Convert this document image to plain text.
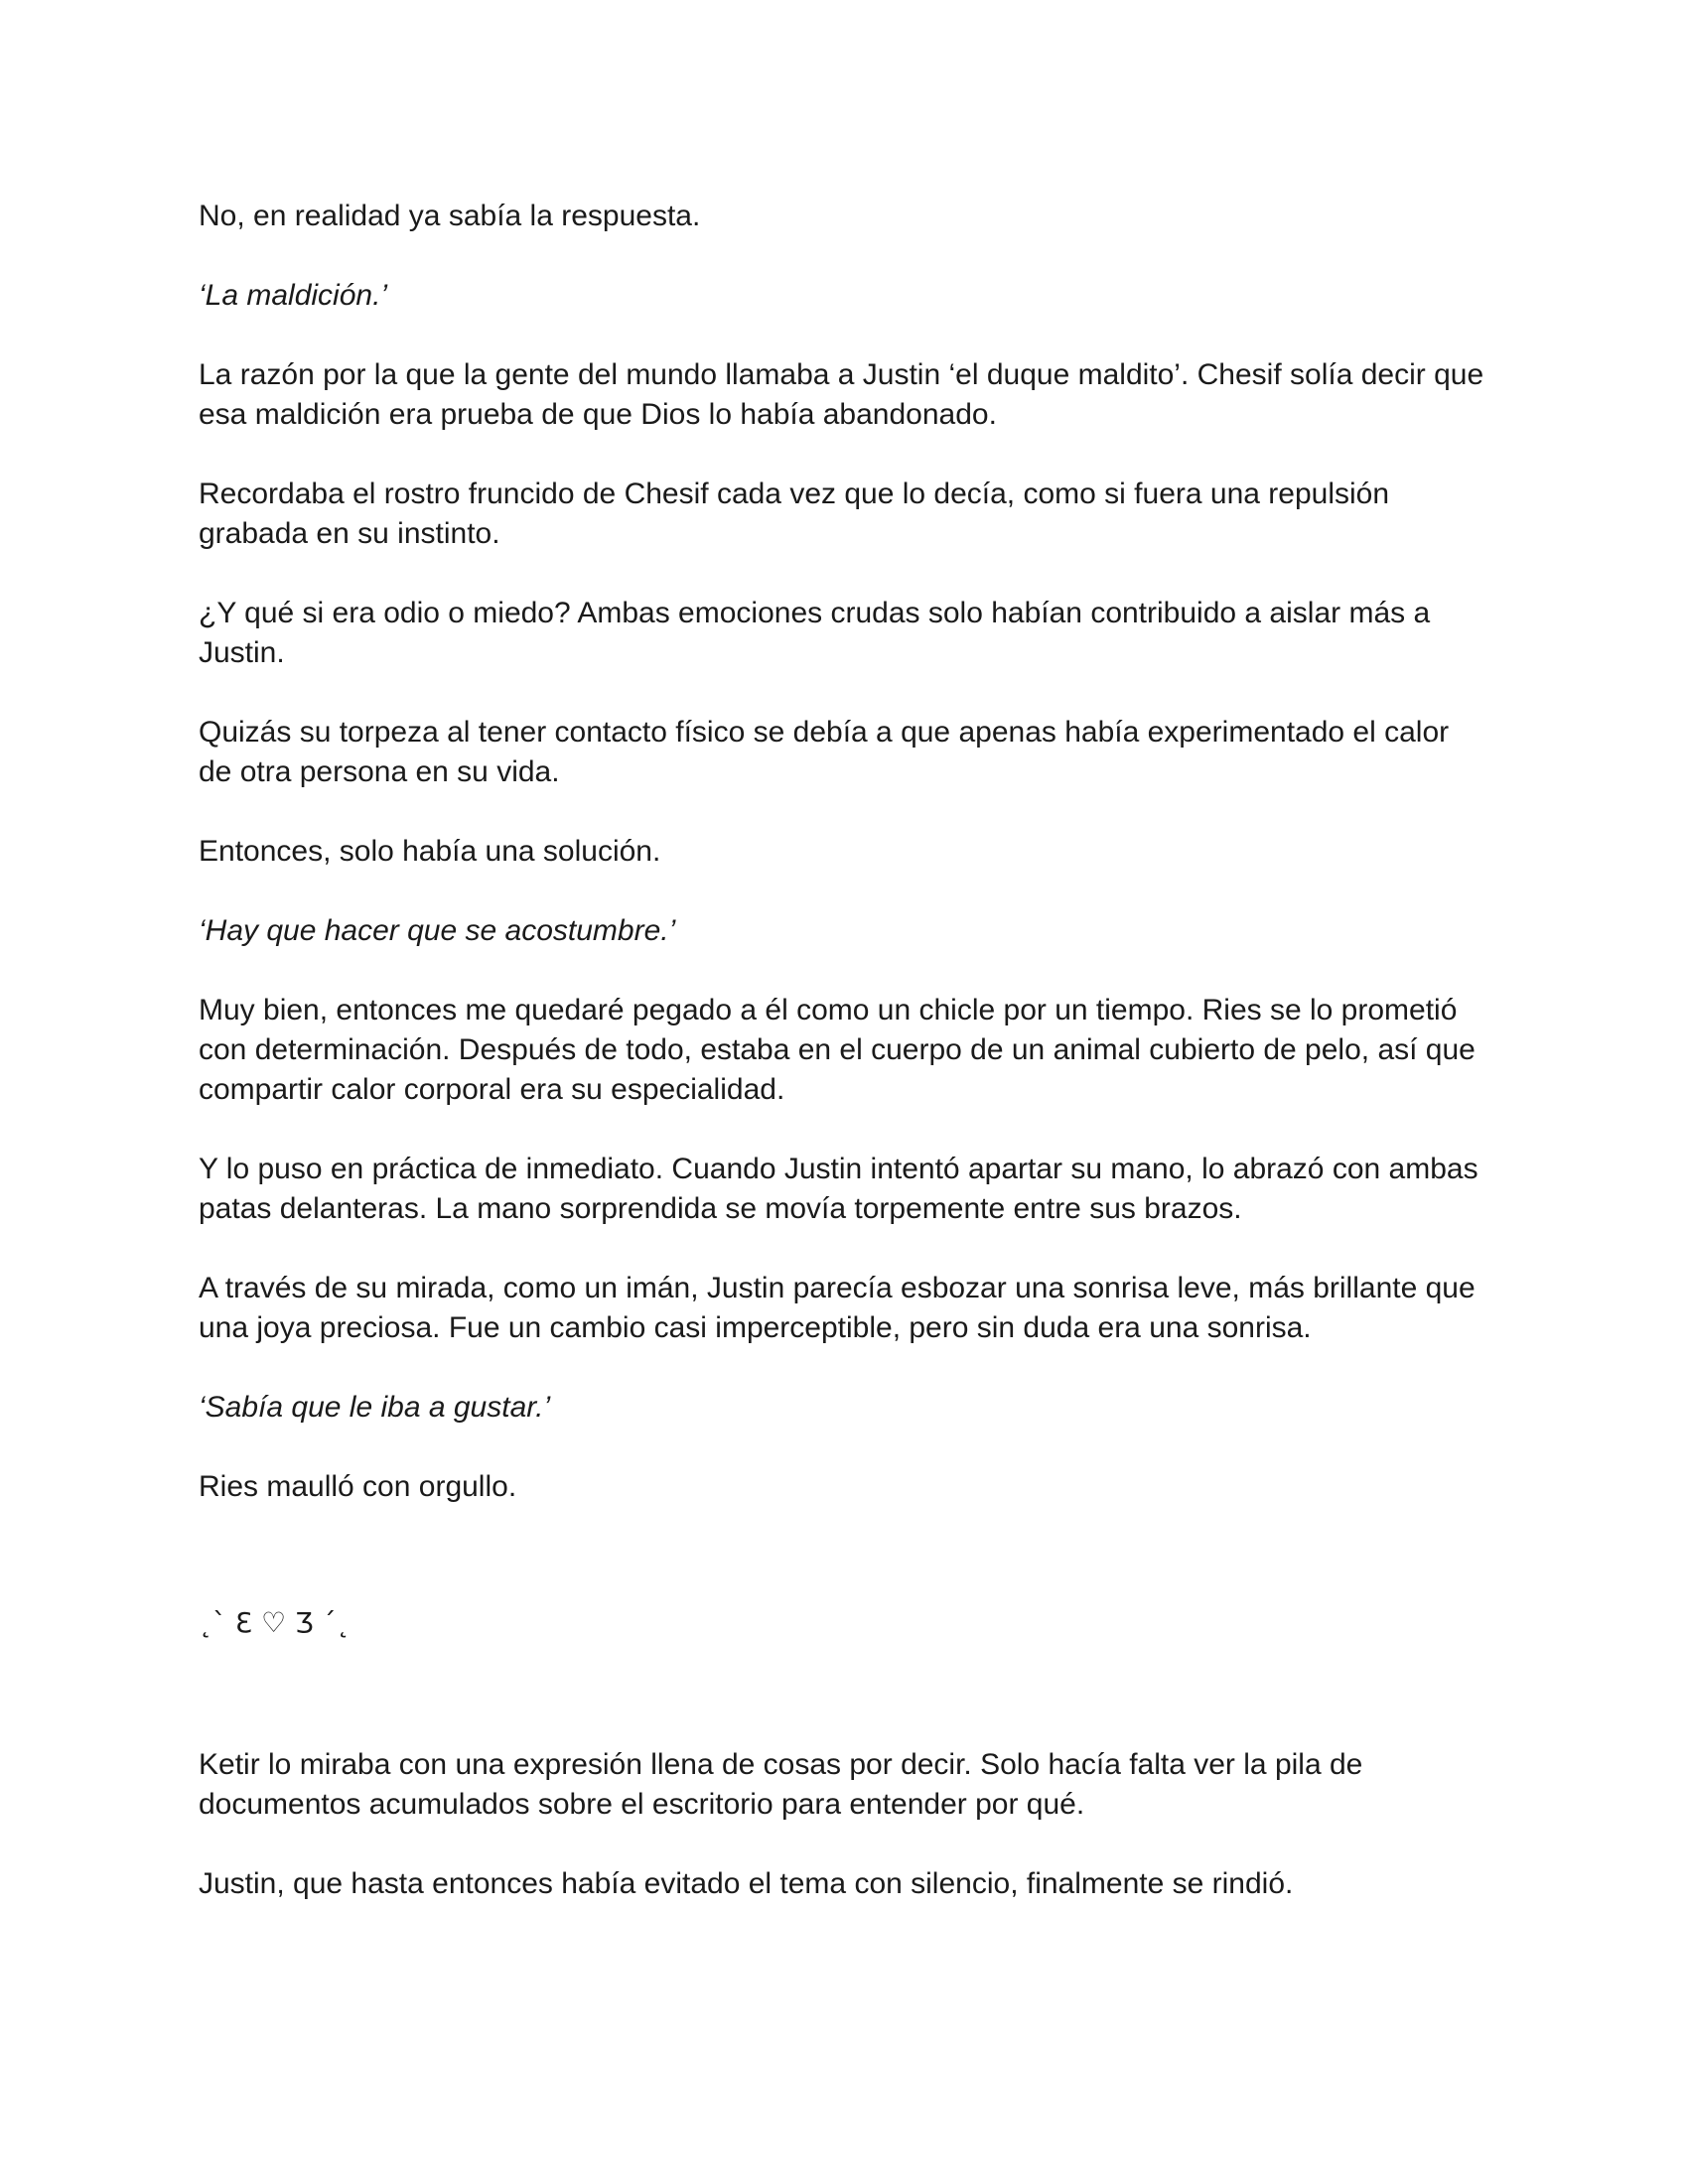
No, en realidad ya sabía la respuesta.

‘La maldición.’

La razón por la que la gente del mundo llamaba a Justin ‘el duque maldito’. Chesif solía decir que esa maldición era prueba de que Dios lo había abandonado.

Recordaba el rostro fruncido de Chesif cada vez que lo decía, como si fuera una repulsión grabada en su instinto.

¿Y qué si era odio o miedo? Ambas emociones crudas solo habían contribuido a aislar más a Justin.

Quizás su torpeza al tener contacto físico se debía a que apenas había experimentado el calor de otra persona en su vida.

Entonces, solo había una solución.

‘Hay que hacer que se acostumbre.’

Muy bien, entonces me quedaré pegado a él como un chicle por un tiempo. Ries se lo prometió con determinación. Después de todo, estaba en el cuerpo de un animal cubierto de pelo, así que compartir calor corporal era su especialidad.

Y lo puso en práctica de inmediato. Cuando Justin intentó apartar su mano, lo abrazó con ambas patas delanteras. La mano sorprendida se movía torpemente entre sus brazos.

A través de su mirada, como un imán, Justin parecía esbozar una sonrisa leve, más brillante que una joya preciosa. Fue un cambio casi imperceptible, pero sin duda era una sonrisa.

‘Sabía que le iba a gustar.’

Ries maulló con orgullo.

˛ˋ Ɛ ♡ Ʒ ˊ˛

Ketir lo miraba con una expresión llena de cosas por decir. Solo hacía falta ver la pila de documentos acumulados sobre el escritorio para entender por qué.

Justin, que hasta entonces había evitado el tema con silencio, finalmente se rindió.
